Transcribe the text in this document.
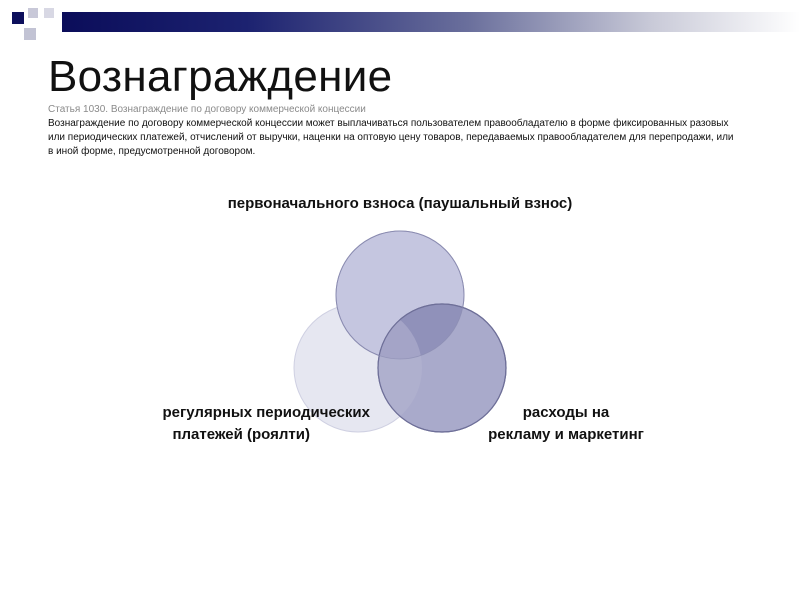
Вознаграждение
Статья 1030. Вознаграждение по договору коммерческой концессии
Вознаграждение по договору коммерческой концессии может выплачиваться пользователем правообладателю в форме фиксированных разовых или периодических платежей, отчислений от выручки, наценки на оптовую цену товаров, передаваемых правообладателем для перепродажи, или в иной форме, предусмотренной договором.
первоначального взноса (паушальный взнос)
регулярных периодических
платежей (роялти)
расходы на
рекламу и маркетинг
